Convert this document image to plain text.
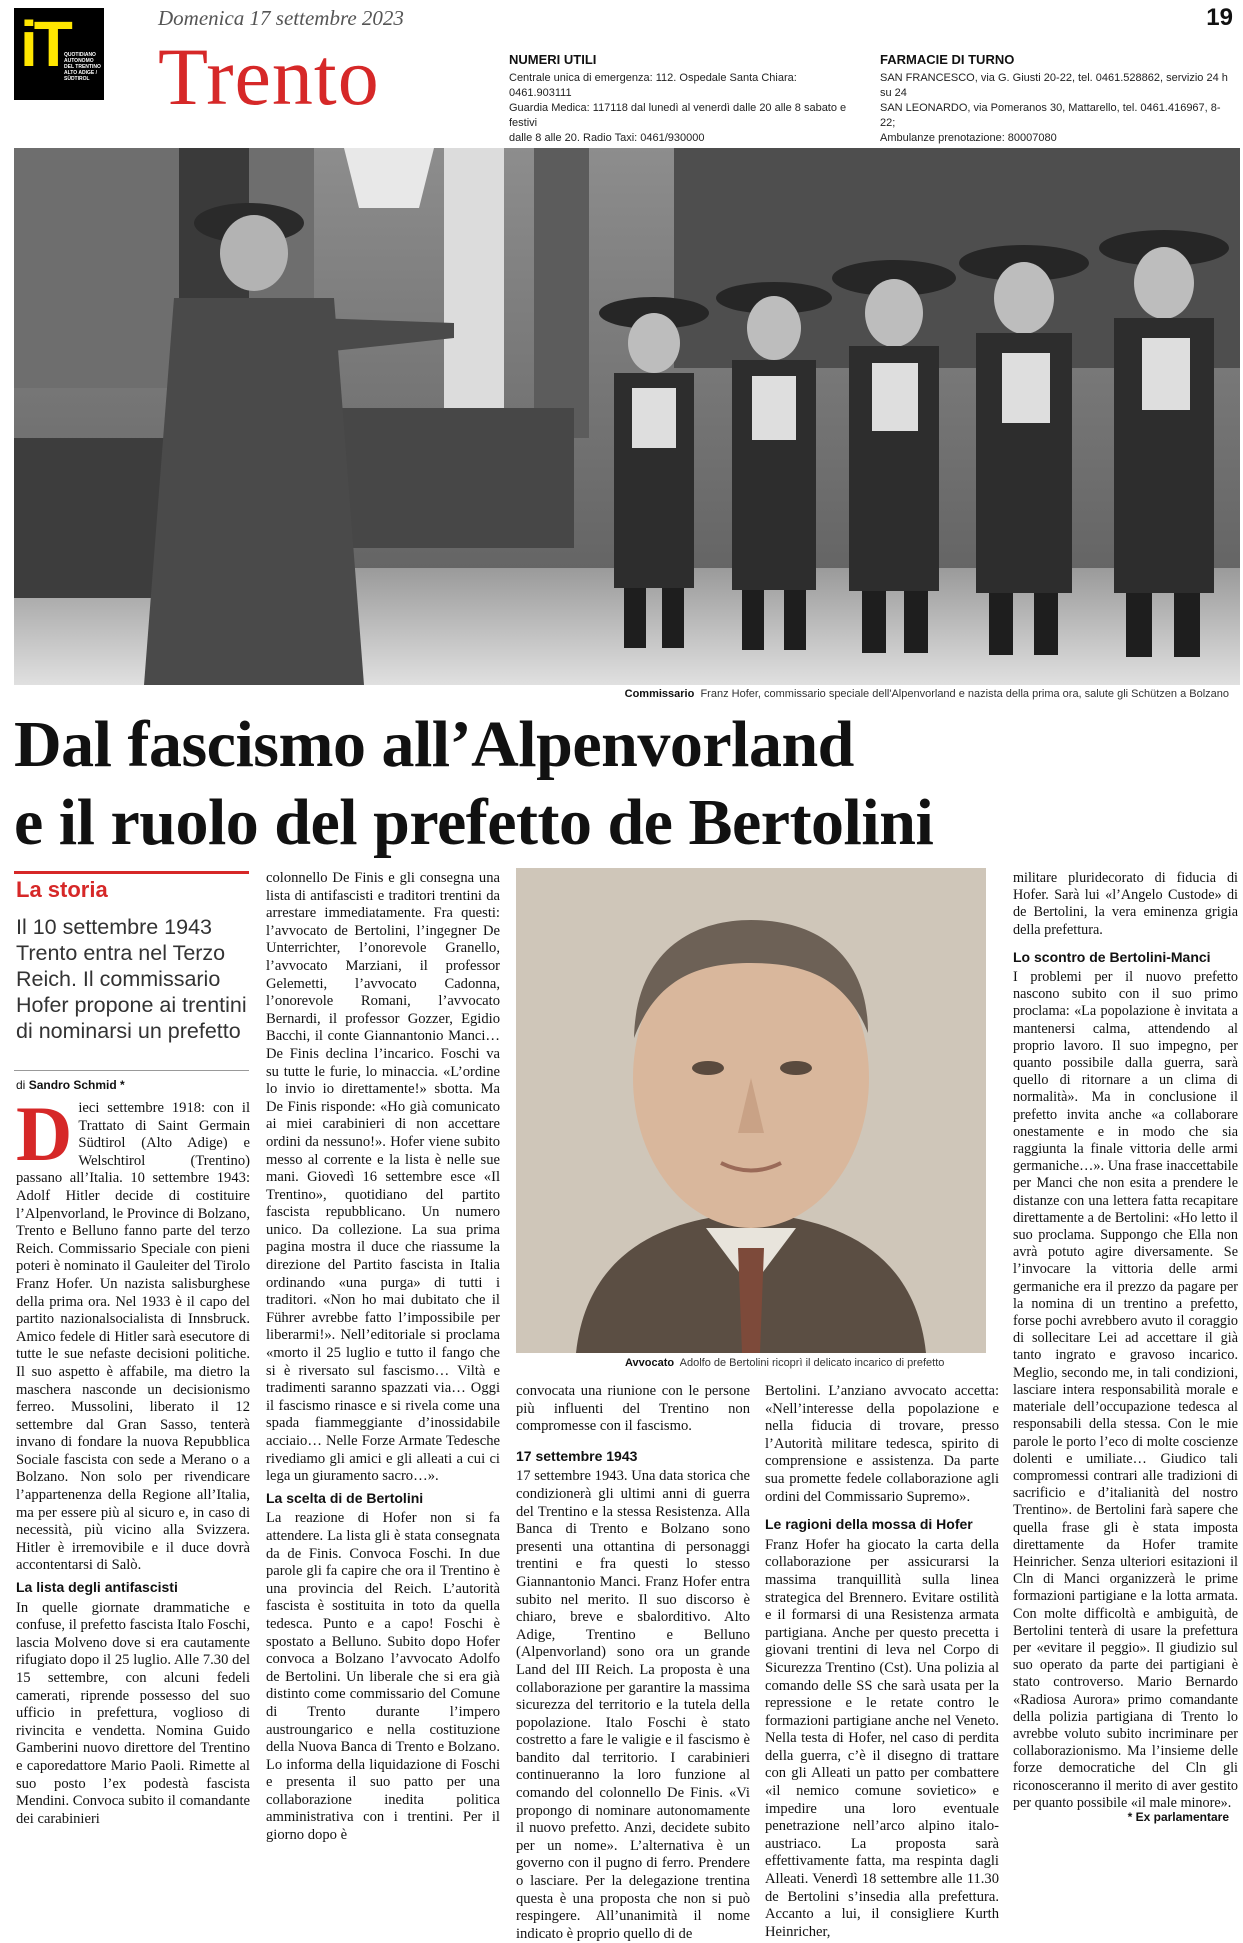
iT
QUOTIDIANO AUTONOMO DEL TRENTINO ALTO ADIGE / SÜDTIROL
Domenica 17 settembre 2023
Trento
19
NUMERI UTILI
Centrale unica di emergenza: 112. Ospedale Santa Chiara: 0461.903111
Guardia Medica: 117118 dal lunedì al venerdì dalle 20 alle 8 sabato e festivi
dalle 8 alle 20. Radio Taxi: 0461/930000
FARMACIE DI TURNO
SAN FRANCESCO, via G. Giusti 20-22, tel. 0461.528862, servizio 24 h su 24
SAN LEONARDO, via Pomeranos 30, Mattarello, tel. 0461.416967, 8-22;
Ambulanze prenotazione: 80007080
Commissario Franz Hofer, commissario speciale dell'Alpenvorland e nazista della prima ora, salute gli Schützen a Bolzano
Dal fascismo all’Alpenvorland
e il ruolo del prefetto de Bertolini
La storia
Il 10 settembre 1943 Trento entra nel Terzo Reich. Il commissario Hofer propone ai trentini di nominarsi un prefetto
di Sandro Schmid *

D ieci settembre 1918: con il Trattato di Saint Germain Südtirol (Alto Adige) e Welschtirol (Trentino) passano all’Italia. 10 settembre 1943: Adolf Hitler decide di costituire l’Alpenvorland, le Province di Bolzano, Trento e Belluno fanno parte del terzo Reich. Commissario Speciale con pieni poteri è nominato il Gauleiter del Tirolo Franz Hofer. Un nazista salisburghese della prima ora. Nel 1933 è il capo del partito nazionalsocialista di Innsbruck. Amico fedele di Hitler sarà esecutore di tutte le sue nefaste decisioni politiche. Il suo aspetto è affabile, ma dietro la maschera nasconde un decisionismo ferreo. Mussolini, liberato il 12 settembre dal Gran Sasso, tenterà invano di fondare la nuova Repubblica Sociale fascista con sede a Merano o a Bolzano. Non solo per rivendicare l’appartenenza della Regione all’Italia, ma per essere più al sicuro e, in caso di necessità, più vicino alla Svizzera. Hitler è irremovibile e il duce dovrà accontentarsi di Salò.

La lista degli antifascisti

In quelle giornate drammatiche e confuse, il prefetto fascista Italo Foschi, lascia Molveno dove si era cautamente rifugiato dopo il 25 luglio. Alle 7.30 del 15 settembre, con alcuni fedeli camerati, riprende possesso del suo ufficio in prefettura, voglioso di rivincita e vendetta. Nomina Guido Gamberini nuovo direttore del Trentino e caporedattore Mario Paoli. Rimette al suo posto l’ex podestà fascista Mendini. Convoca subito il comandante dei carabinieri

colonnello De Finis e gli consegna una lista di antifascisti e traditori trentini da arrestare immediatamente. Fra questi: l’avvocato de Bertolini, l’ingegner De Unterrichter, l’onorevole Granello, l’avvocato Marziani, il professor Gelemetti, l’avvocato Cadonna, l’onorevole Romani, l’avvocato Bernardi, il professor Gozzer, Egidio Bacchi, il conte Giannantonio Manci… De Finis declina l’incarico. Foschi va su tutte le furie, lo minaccia. «L’ordine lo invio io direttamente!» sbotta. Ma De Finis risponde: «Ho già comunicato ai miei carabinieri di non accettare ordini da nessuno!». Hofer viene subito messo al corrente e la lista è nelle sue mani. Giovedì 16 settembre esce «Il Trentino», quotidiano del partito fascista repubblicano. Un numero unico. Da collezione. La sua prima pagina mostra il duce che riassume la direzione del Partito fascista in Italia ordinando «una purga» di tutti i traditori. «Non ho mai dubitato che il Führer avrebbe fatto l’impossibile per liberarmi!». Nell’editoriale si proclama «morto il 25 luglio e tutto il fango che si è riversato sul fascismo… Viltà e tradimenti saranno spazzati via… Oggi il fascismo rinasce e si rivela come una spada fiammeggiante d’inossidabile acciaio… Nelle Forze Armate Tedesche rivediamo gli amici e gli alleati a cui ci lega un giuramento sacro…».

La scelta di de Bertolini

La reazione di Hofer non si fa attendere. La lista gli è stata consegnata da de Finis. Convoca Foschi. In due parole gli fa capire che ora il Trentino è una provincia del Reich. L’autorità fascista è sostituita in toto da quella tedesca. Punto e a capo! Foschi è spostato a Belluno. Subito dopo Hofer convoca a Bolzano l’avvocato Adolfo de Bertolini. Un liberale che si era già distinto come commissario del Comune di Trento durante l’impero austroungarico e nella costituzione della Nuova Banca di Trento e Bolzano. Lo informa della liquidazione di Foschi e presenta il suo patto per una collaborazione inedita politica amministrativa con i trentini. Per il giorno dopo è

Avvocato Adolfo de Bertolini ricoprì il delicato incarico di prefetto

convocata una riunione con le persone più influenti del Trentino non compromesse con il fascismo.

17 settembre 1943

17 settembre 1943. Una data storica che condizionerà gli ultimi anni di guerra del Trentino e la stessa Resistenza. Alla Banca di Trento e Bolzano sono presenti una ottantina di personaggi trentini e fra questi lo stesso Giannantonio Manci. Franz Hofer entra subito nel merito. Il suo discorso è chiaro, breve e sbalorditivo. Alto Adige, Trentino e Belluno (Alpenvorland) sono ora un grande Land del III Reich. La proposta è una collaborazione per garantire la massima sicurezza del territorio e la tutela della popolazione. Italo Foschi è stato costretto a fare le valigie e il fascismo è bandito dal territorio. I carabinieri continueranno la loro funzione al comando del colonnello De Finis. «Vi propongo di nominare autonomamente il nuovo prefetto. Anzi, decidete subito per un nome». L’alternativa è un governo con il pugno di ferro. Prendere o lasciare. Per la delegazione trentina questa è una proposta che non si può respingere. All’unanimità il nome indicato è proprio quello di de

Bertolini. L’anziano avvocato accetta: «Nell’interesse della popolazione e nella fiducia di trovare, presso l’Autorità militare tedesca, spirito di comprensione e assistenza. Da parte sua promette fedele collaborazione agli ordini del Commissario Supremo».

Le ragioni della mossa di Hofer

Franz Hofer ha giocato la carta della collaborazione per assicurarsi la massima tranquillità sulla linea strategica del Brennero. Evitare ostilità e il formarsi di una Resistenza armata partigiana. Anche per questo precetta i giovani trentini di leva nel Corpo di Sicurezza Trentino (Cst). Una polizia al comando delle SS che sarà usata per la repressione e le retate contro le formazioni partigiane anche nel Veneto. Nella testa di Hofer, nel caso di perdita della guerra, c’è il disegno di trattare con gli Alleati un patto per combattere «il nemico comune sovietico» e impedire una loro eventuale penetrazione nell’arco alpino italo-austriaco. La proposta sarà effettivamente fatta, ma respinta dagli Alleati. Venerdì 18 settembre alle 11.30 de Bertolini s’insedia alla prefettura. Accanto a lui, il consigliere Kurth Heinricher,

militare pluridecorato di fiducia di Hofer. Sarà lui «l’Angelo Custode» di de Bertolini, la vera eminenza grigia della prefettura.

Lo scontro de Bertolini-Manci

I problemi per il nuovo prefetto nascono subito con il suo primo proclama: «La popolazione è invitata a mantenersi calma, attendendo al proprio lavoro. Il suo impegno, per quanto possibile dalla guerra, sarà quello di ritornare a un clima di normalità». Ma in conclusione il prefetto invita anche «a collaborare onestamente e in modo che sia raggiunta la finale vittoria delle armi germaniche…». Una frase inaccettabile per Manci che non esita a prendere le distanze con una lettera fatta recapitare direttamente a de Bertolini: «Ho letto il suo proclama. Suppongo che Ella non avrà potuto agire diversamente. Se l’invocare la vittoria delle armi germaniche era il prezzo da pagare per la nomina di un trentino a prefetto, forse pochi avrebbero avuto il coraggio di sollecitare Lei ad accettare il già tanto ingrato e gravoso incarico. Meglio, secondo me, in tali condizioni, lasciare intera responsabilità morale e materiale dell’occupazione tedesca al responsabili della stessa. Con le mie parole le porto l’eco di molte coscienze dolenti e umiliate… Giudico tali compromessi contrari alle tradizioni di sacrificio e d’italianità del nostro Trentino». de Bertolini farà sapere che quella frase gli è stata imposta direttamente da Hofer tramite Heinricher. Senza ulteriori esitazioni il Cln di Manci organizzerà le prime formazioni partigiane e la lotta armata. Con molte difficoltà e ambiguità, de Bertolini tenterà di usare la prefettura per «evitare il peggio». Il giudizio sul suo operato da parte dei partigiani è stato controverso. Mario Bernardo «Radiosa Aurora» primo comandante della polizia partigiana di Trento lo avrebbe voluto subito incriminare per collaborazionismo. Ma l’insieme delle forze democratiche del Cln gli riconosceranno il merito di aver gestito per quanto possibile «il male minore».

* Ex parlamentare
